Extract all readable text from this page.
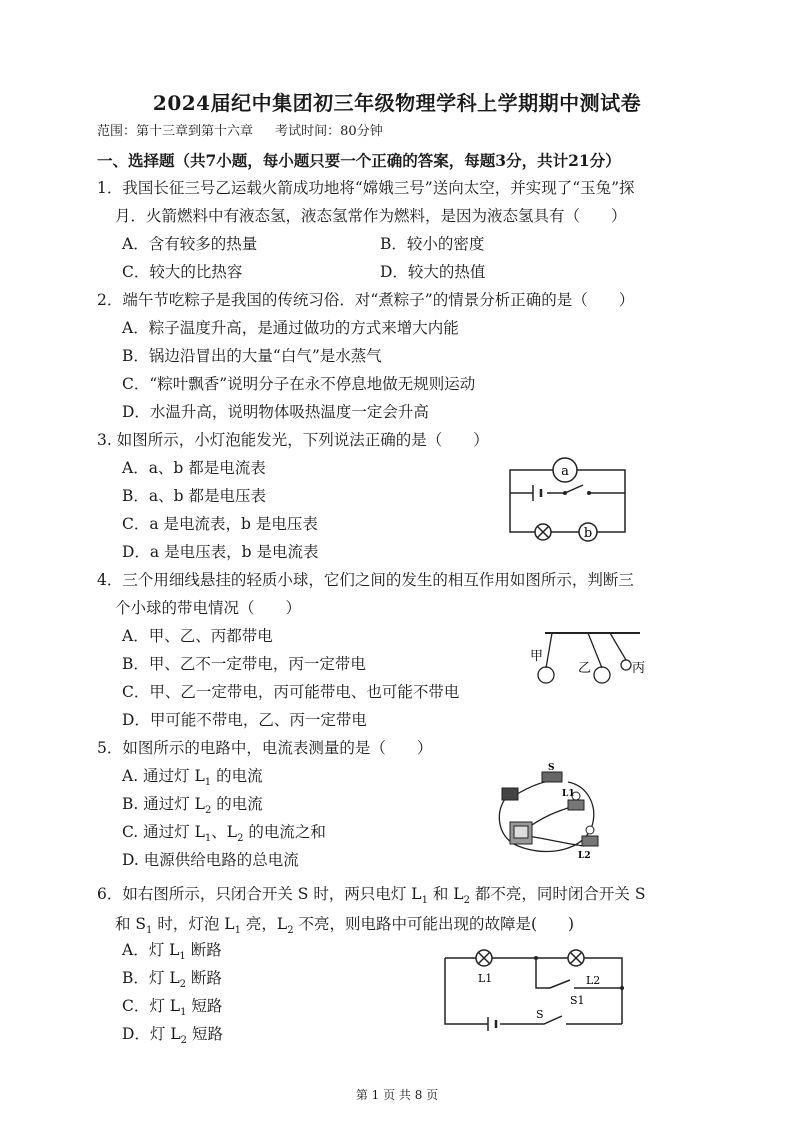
2024届纪中集团初三年级物理学科上学期期中测试卷
范围：第十三章到第十六章 考试时间：80分钟
一、选择题（共7小题，每小题只要一个正确的答案，每题3分，共计21分）
1．我国长征三号乙运载火箭成功地将“嫦娥三号”送向太空，并实现了“玉兔”探
月．火箭燃料中有液态氢，液态氢常作为燃料，是因为液态氢具有（　　）
A．含有较多的热量	B．较小的密度
C．较大的比热容	D．较大的热值
2．端午节吃粽子是我国的传统习俗．对“煮粽子”的情景分析正确的是（　　）
A．粽子温度升高，是通过做功的方式来增大内能
B．锅边沿冒出的大量“白气”是水蒸气
C．“粽叶飘香”说明分子在永不停息地做无规则运动
D．水温升高，说明物体吸热温度一定会升高
3. 如图所示，小灯泡能发光，下列说法正确的是（　　）
A．a、b 都是电流表
B．a、b 都是电压表
C．a 是电流表，b 是电压表
D．a 是电压表，b 是电流表
a
b
4．三个用细线悬挂的轻质小球，它们之间的发生的相互作用如图所示，判断三
个小球的带电情况（　　）
A．甲、乙、丙都带电
B．甲、乙不一定带电，丙一定带电
C．甲、乙一定带电，丙可能带电、也可能不带电
D．甲可能不带电，乙、丙一定带电
甲
乙	丙
5．如图所示的电路中，电流表测量的是（　　）
A. 通过灯 $L_1$ 的电流
B. 通过灯 $L_2$ 的电流
C. 通过灯 $L_1$、$L_2$ 的电流之和
D. 电源供给电路的总电流
S
L1
L2
6．如右图所示，只闭合开关 S 时，两只电灯 $L_1$ 和 $L_2$ 都不亮，同时闭合开关 S
和 $S_1$ 时，灯泡 $L_1$ 亮，$L_2$ 不亮，则电路中可能出现的故障是(　　)
A．灯 $L_1$ 断路
B．灯 $L_2$ 断路
C．灯 $L_1$ 短路
D．灯 $L_2$ 短路
L1	L2
S1
S
第 1 页 共 8 页
